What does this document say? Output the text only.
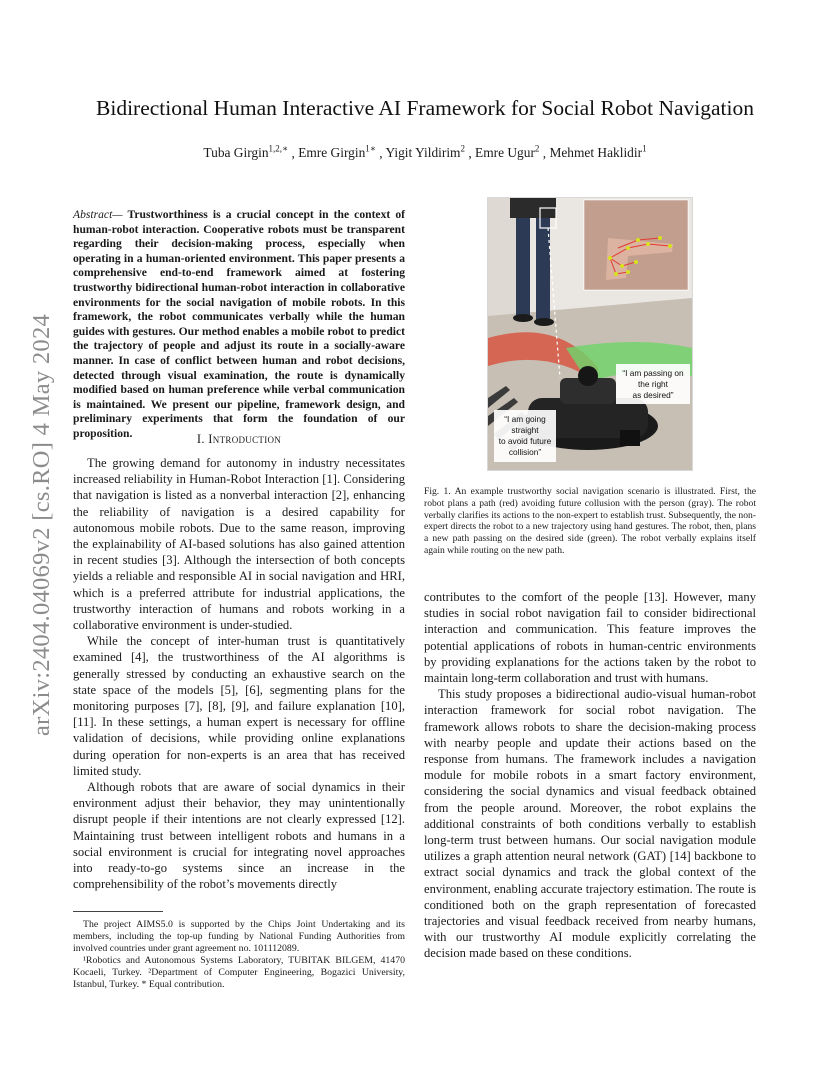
arXiv:2404.04069v2 [cs.RO] 4 May 2024
Bidirectional Human Interactive AI Framework for Social Robot Navigation
Tuba Girgin$^{1,2,∗}$ , Emre Girgin$^{1∗}$ , Yigit Yildirim$^2$ , Emre Ugur$^2$ , Mehmet Haklidir$^1$

Abstract— Trustworthiness is a crucial concept in the context of human-robot interaction. Cooperative robots must be transparent regarding their decision-making process, especially when operating in a human-oriented environment. This paper presents a comprehensive end-to-end framework aimed at fostering trustworthy bidirectional human-robot interaction in collaborative environments for the social navigation of mobile robots. In this framework, the robot communicates verbally while the human guides with gestures. Our method enables a mobile robot to predict the trajectory of people and adjust its route in a socially-aware manner. In case of conflict between human and robot decisions, detected through visual examination, the route is dynamically modified based on human preference while verbal communication is maintained. We present our pipeline, framework design, and preliminary experiments that form the foundation of our proposition.	I. Introduction

The growing demand for autonomy in industry necessitates increased reliability in Human-Robot Interaction [1]. Considering that navigation is listed as a nonverbal interaction [2], enhancing the reliability of navigation is a desired capability for autonomous mobile robots. Due to the same reason, improving the explainability of AI-based solutions has also gained attention in recent studies [3]. Although the intersection of both concepts yields a reliable and responsible AI in social navigation and HRI, which is a preferred attribute for industrial applications, the trustworthy interaction of humans and robots working in a collaborative environment is under-studied.

While the concept of inter-human trust is quantitatively examined [4], the trustworthiness of the AI algorithms is generally stressed by conducting an exhaustive search on the state space of the models [5], [6], segmenting plans for the monitoring purposes [7], [8], [9], and failure explanation [10], [11]. In these settings, a human expert is necessary for offline validation of decisions, while providing online explanations during operation for non-experts is an area that has received limited study.

Although robots that are aware of social dynamics in their environment adjust their behavior, they may unintentionally disrupt people if their intentions are not clearly expressed [12]. Maintaining trust between intelligent robots and humans in a social environment is crucial for integrating novel approaches into ready-to-go systems since an increase in the comprehensibility of the robot’s movements directly

The project AIMS5.0 is supported by the Chips Joint Undertaking and its members, including the top-up funding by National Funding Authorities from involved countries under grant agreement no. 101112089.

¹Robotics and Autonomous Systems Laboratory, TUBITAK BILGEM, 41470 Kocaeli, Turkey. ²Department of Computer Engineering, Bogazici University, Istanbul, Turkey. * Equal contribution.

“I am passing on
the right
as desired”
“I am going
straight
to avoid future
collision”

Fig. 1. An example trustworthy social navigation scenario is illustrated. First, the robot plans a path (red) avoiding future collusion with the person (gray). The robot verbally clarifies its actions to the non-expert to establish trust. Subsequently, the non-expert directs the robot to a new trajectory using hand gestures. The robot, then, plans a new path passing on the desired side (green). The robot verbally explains itself again while routing on the new path.

contributes to the comfort of the people [13]. However, many studies in social robot navigation fail to consider bidirectional interaction and communication. This feature improves the potential applications of robots in human-centric environments by providing explanations for the actions taken by the robot to maintain long-term collaboration and trust with humans.

This study proposes a bidirectional audio-visual human-robot interaction framework for social robot navigation. The framework allows robots to share the decision-making process with nearby people and update their actions based on the response from humans. The framework includes a navigation module for mobile robots in a smart factory environment, considering the social dynamics and visual feedback obtained from the people around. Moreover, the robot explains the additional constraints of both conditions verbally to establish long-term trust between humans. Our social navigation module utilizes a graph attention neural network (GAT) [14] backbone to extract social dynamics and track the global context of the environment, enabling accurate trajectory estimation. The route is conditioned both on the graph representation of forecasted trajectories and visual feedback received from nearby humans, with our trustworthy AI module explicitly correlating the decision made based on these conditions.
